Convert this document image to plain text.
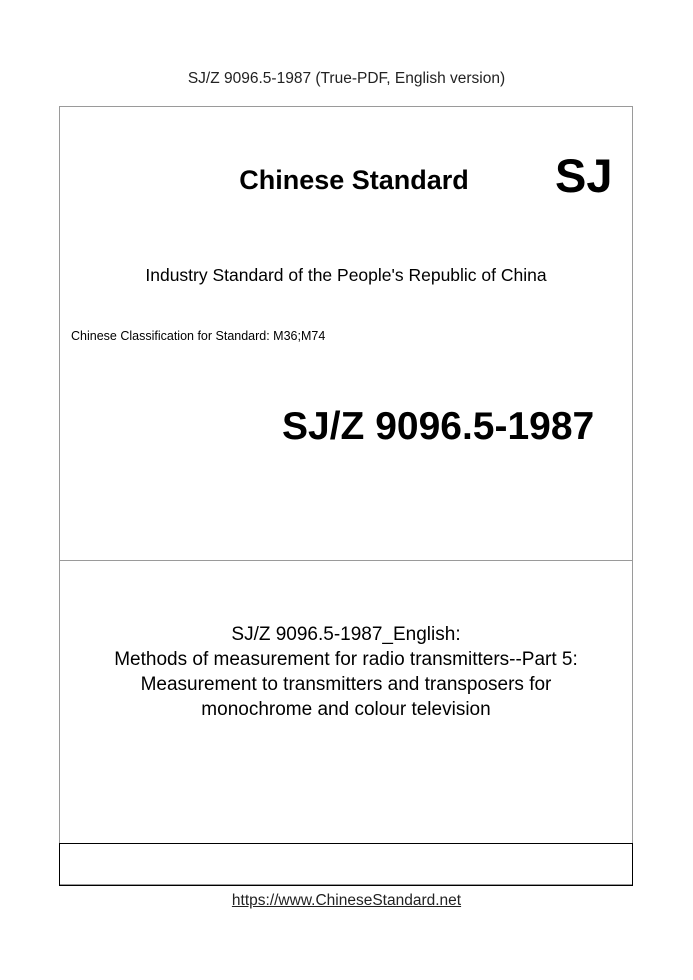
SJ/Z 9096.5-1987 (True-PDF, English version)
Chinese Standard	SJ
Industry Standard of the People's Republic of China
Chinese Classification for Standard: M36;M74
SJ/Z 9096.5-1987
SJ/Z 9096.5-1987_English:
Methods of measurement for radio transmitters--Part 5:
Measurement to transmitters and transposers for
monochrome and colour television
https://www.ChineseStandard.net
